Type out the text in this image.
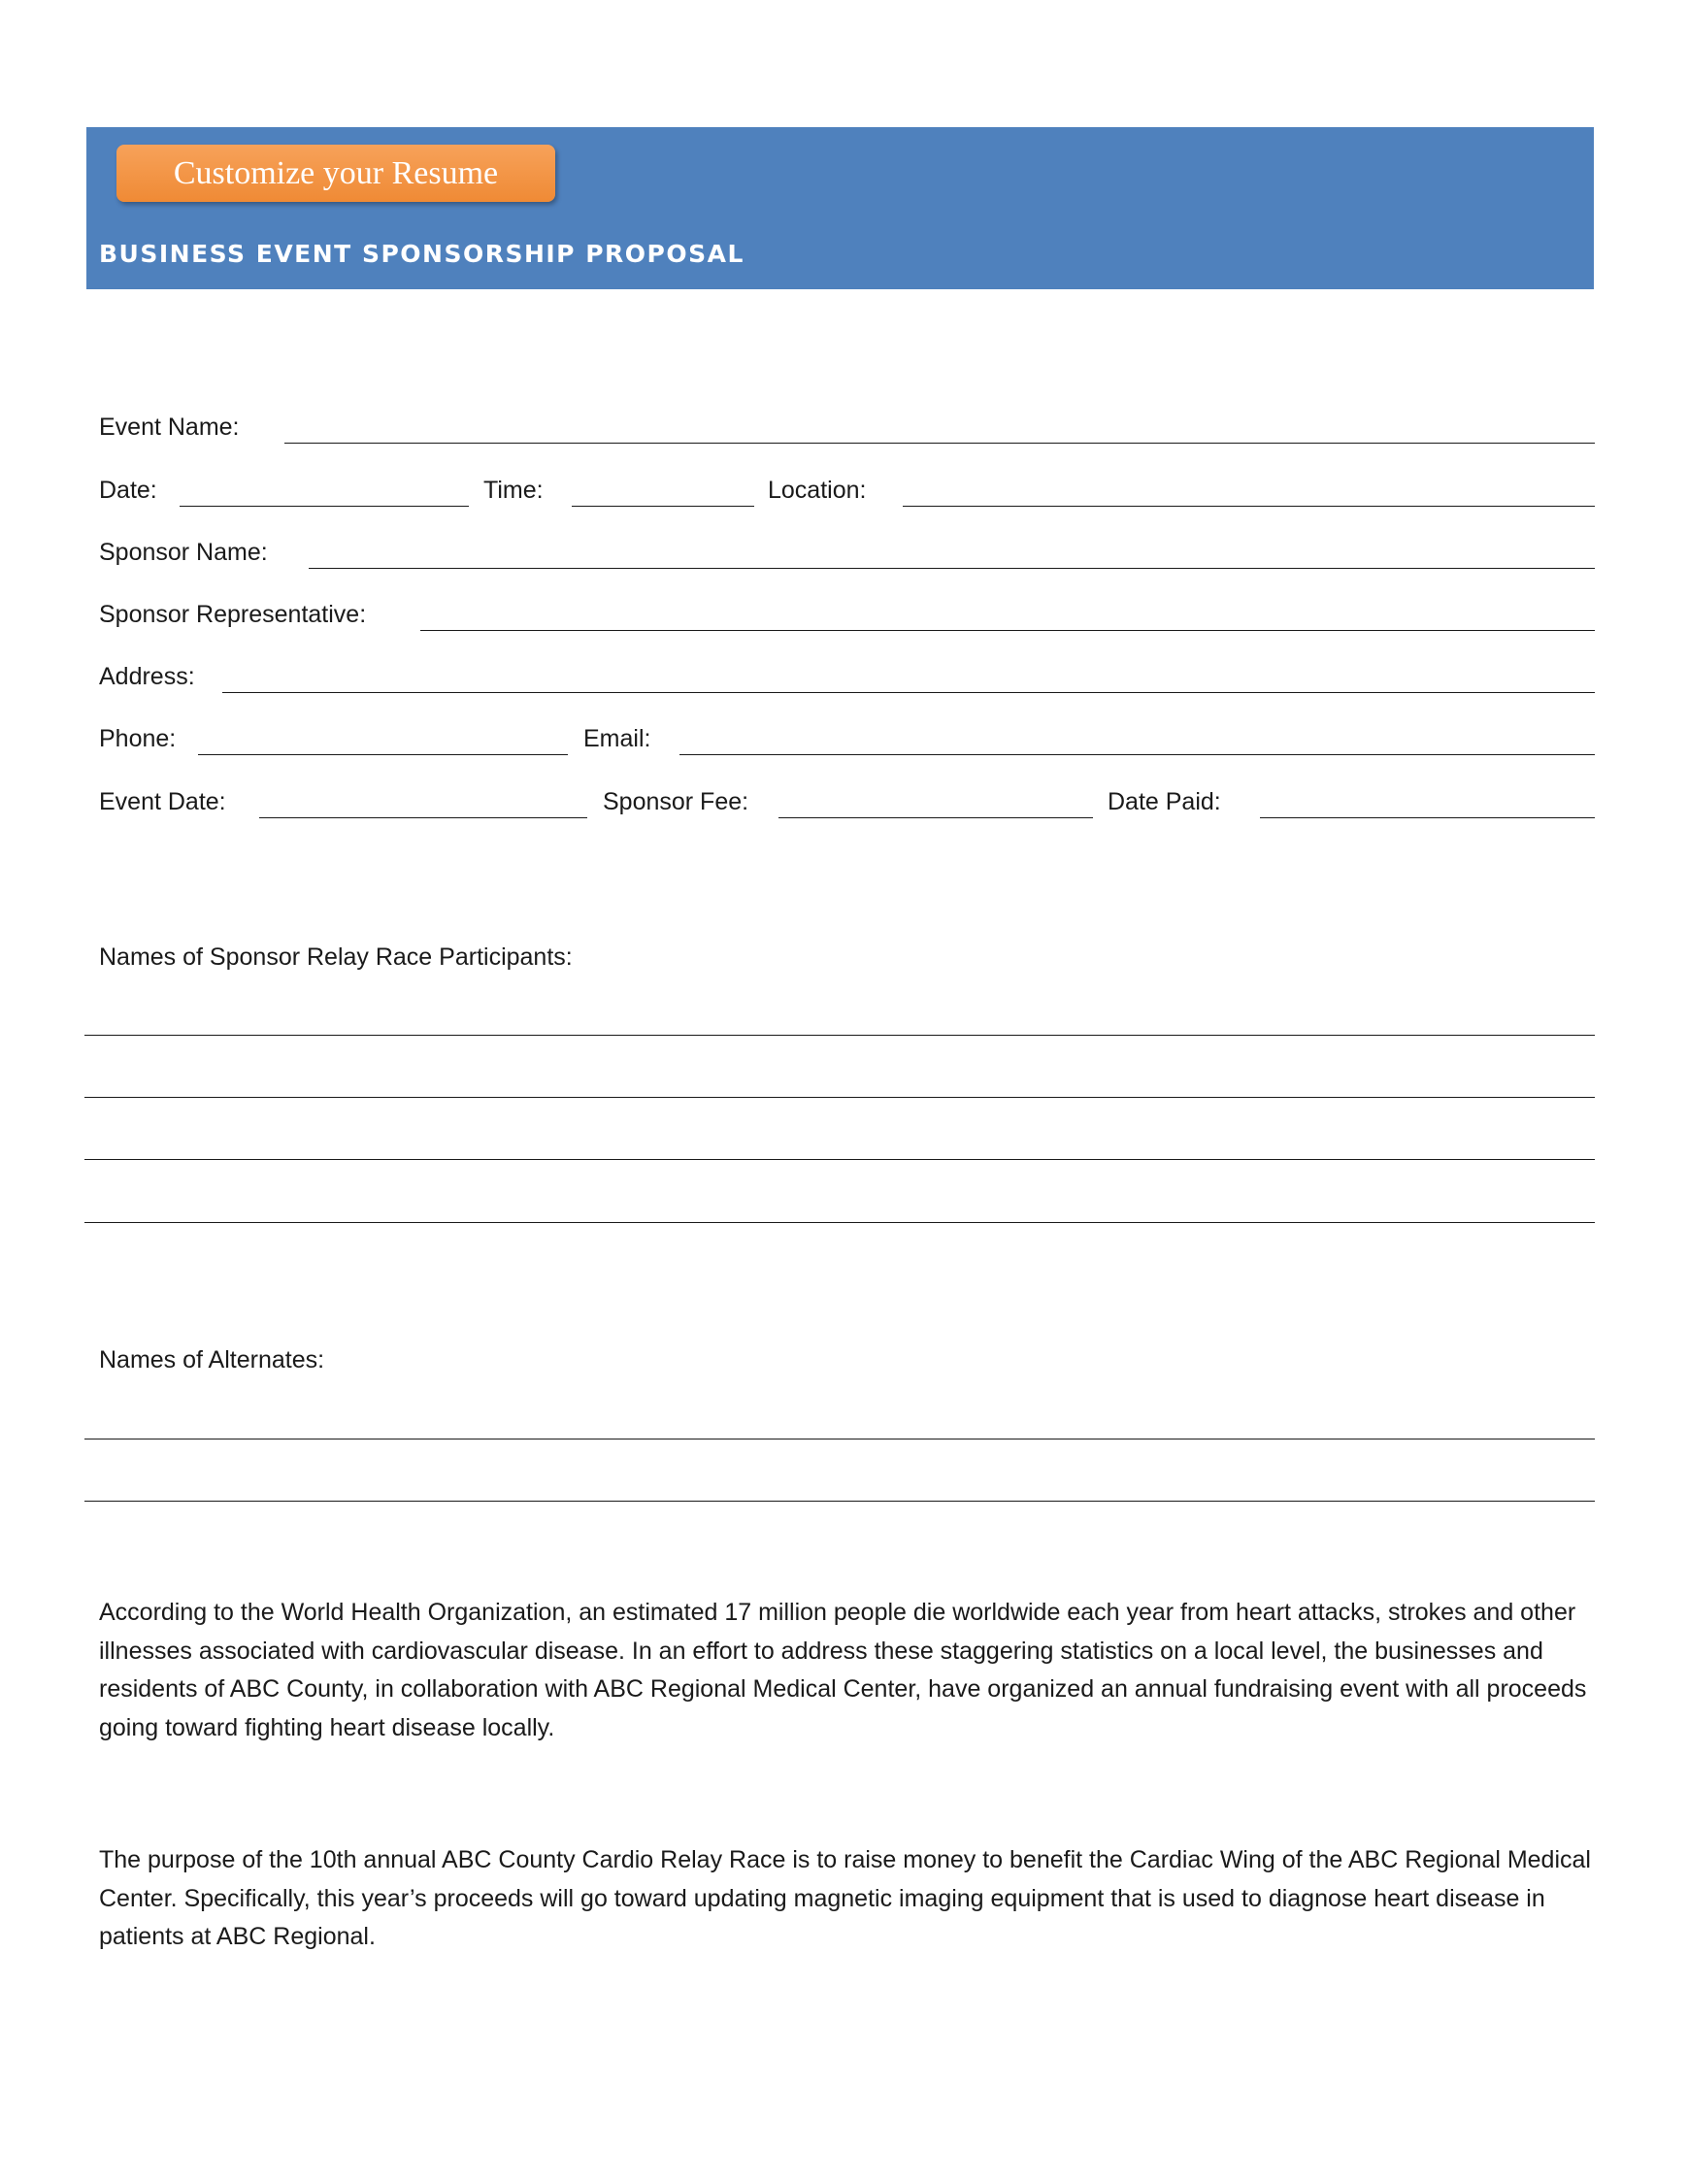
Customize your Resume
BUSINESS EVENT SPONSORSHIP PROPOSAL
Event Name:
Date:	Time:	Location:
Sponsor Name:
Sponsor Representative:
Address:
Phone:	Email:
Event Date:	Sponsor Fee:	Date Paid:
Names of Sponsor Relay Race Participants:
Names of Alternates:
According to the World Health Organization, an estimated 17 million people die worldwide each year from heart attacks, strokes and other illnesses associated with cardiovascular disease. In an effort to address these staggering statistics on a local level, the businesses and residents of ABC County, in collaboration with ABC Regional Medical Center, have organized an annual fundraising event with all proceeds going toward fighting heart disease locally.
The purpose of the 10th annual ABC County Cardio Relay Race is to raise money to benefit the Cardiac Wing of the ABC Regional Medical Center. Specifically, this year’s proceeds will go toward updating magnetic imaging equipment that is used to diagnose heart disease in patients at ABC Regional.
